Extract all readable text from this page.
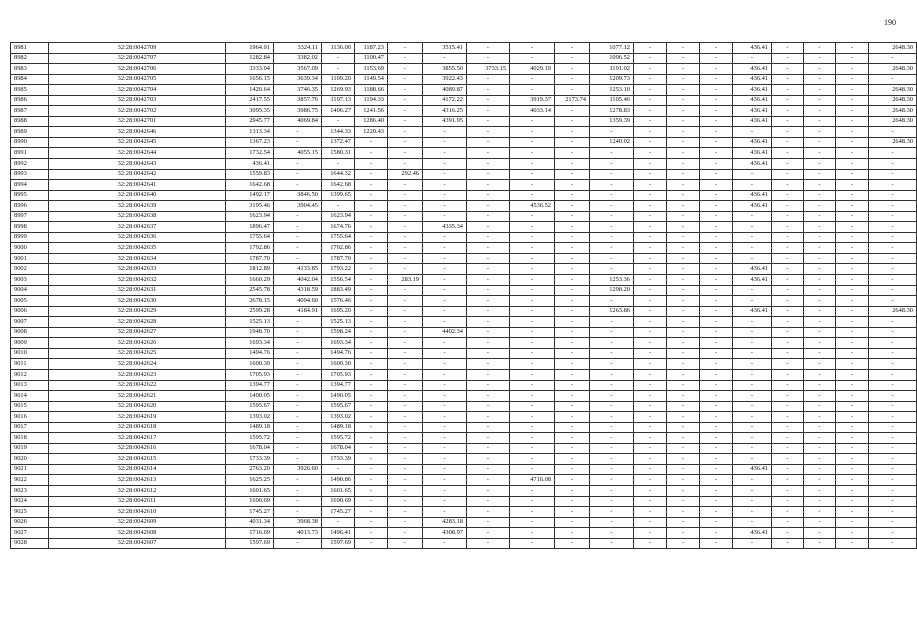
190
8981	32:28:0042709	1964.91	3324.11	1136.00	1187.23	-	3515.41	-	-	-	1077.12	-	-	-	436.41	-	-	-	2648.30
8982	32:28:0042707	1282.84	3382.02	-	1100.47	-	-	-	-	-	1096.52	-	-	-	-	-	-	-	-
8983	32:28:0042706	3333.04	3567.09	-	1153.69	-	3855.50	3733.15	4029.19	-	1191.02	-	-	-	436.41	-	-	-	2648.30
8984	32:28:0042705	1656.15	3639.34	1109.20	1149.54	-	3922.43	-	-	-	1209.73	-	-	-	436.41	-	-	-	-
8985	32:28:0042704	1420.64	3746.35	1269.93	1188.66	-	4089.87	-	-	-	1253.10	-	-	-	436.41	-	-	-	2648.30
8986	32:28:0042703	2417.55	3857.76	1197.13	1194.33	-	4172.22	-	3919.37	2173.74	1105.46	-	-	-	436.41	-	-	-	2648.30
8987	32:28:0042702	3095.35	3986.75	1406.27	1241.56	-	4316.25	-	4033.14	-	1278.83	-	-	-	436.41	-	-	-	2648.30
8988	32:28:0042701	2945.77	4069.84	-	1286.40	-	4391.95	-	-	-	1359.39	-	-	-	436.41	-	-	-	2648.30
8989	32:28:0042646	1313.34	-	1344.33	1220.43	-	-	-	-	-	-	-	-	-	-	-	-	-	-
8990	32:28:0042645	1367.23	-	1372.47	-	-	-	-	-	-	1240.02	-	-	-	436.41	-	-	-	2648.30
8991	32:28:0042644	1732.54	4055.15	1580.31	-	-	-	-	-	-	-	-	-	-	436.41	-	-	-	-
8992	32:28:0042643	436.41	-	-	-	-	-	-	-	-	-	-	-	-	436.41	-	-	-	-
8993	32:28:0042642	1559.83	-	1644.32	-	292.46	-	-	-	-	-	-	-	-	-	-	-	-	-
8994	32:28:0042641	1642.68	-	1642.68	-	-	-	-	-	-	-	-	-	-	-	-	-	-	-
8995	32:28:0042640	1492.17	3846.50	1399.65	-	-	-	-	-	-	-	-	-	-	436.41	-	-	-	-
8996	32:28:0042639	3195.46	3904.45	-	-	-	-	-	4536.52	-	-	-	-	-	436.41	-	-	-	-
8997	32:28:0042638	1623.94	-	1623.94	-	-	-	-	-	-	-	-	-	-	-	-	-	-	-
8998	32:28:0042637	1896.47	-	1674.76	-	-	4335.34	-	-	-	-	-	-	-	-	-	-	-	-
8999	32:28:0042636	1755.64	-	1755.64	-	-	-	-	-	-	-	-	-	-	-	-	-	-	-
9000	32:28:0042635	1792.86	-	1792.86	-	-	-	-	-	-	-	-	-	-	-	-	-	-	-
9001	32:28:0042634	1787.70	-	1787.70	-	-	-	-	-	-	-	-	-	-	-	-	-	-	-
9002	32:28:0042633	1812.89	4133.85	1793.22	-	-	-	-	-	-	-	-	-	-	436.41	-	-	-	-
9003	32:28:0042632	1660.29	4042.04	1556.54	-	283.19	-	-	-	-	1253.36	-	-	-	436.41	-	-	-	-
9004	32:28:0042631	2545.78	4318.59	1883.49	-	-	-	-	-	-	1298.20	-	-	-	-	-	-	-	-
9005	32:28:0042630	2678.15	4094.60	1576.46	-	-	-	-	-	-	-	-	-	-	-	-	-	-	-
9006	32:28:0042629	2599.28	4184.91	1695.20	-	-	-	-	-	-	1263.86	-	-	-	436.41	-	-	-	2648.30
9007	32:28:0042628	1525.13	-	1525.13	-	-	-	-	-	-	-	-	-	-	-	-	-	-	-
9008	32:28:0042627	1948.70	-	1598.24	-	-	4402.34	-	-	-	-	-	-	-	-	-	-	-	-
9009	32:28:0042626	1693.34	-	1693.34	-	-	-	-	-	-	-	-	-	-	-	-	-	-	-
9010	32:28:0042625	1494.76	-	1494.76	-	-	-	-	-	-	-	-	-	-	-	-	-	-	-
9011	32:28:0042624	1600.30	-	1600.30	-	-	-	-	-	-	-	-	-	-	-	-	-	-	-
9012	32:28:0042623	1705.93	-	1705.93	-	-	-	-	-	-	-	-	-	-	-	-	-	-	-
9013	32:28:0042622	1394.77	-	1394.77	-	-	-	-	-	-	-	-	-	-	-	-	-	-	-
9014	32:28:0042621	1490.05	-	1490.05	-	-	-	-	-	-	-	-	-	-	-	-	-	-	-
9015	32:28:0042620	1595.67	-	1595.67	-	-	-	-	-	-	-	-	-	-	-	-	-	-	-
9016	32:28:0042619	1393.02	-	1393.02	-	-	-	-	-	-	-	-	-	-	-	-	-	-	-
9017	32:28:0042618	1489.18	-	1489.18	-	-	-	-	-	-	-	-	-	-	-	-	-	-	-
9018	32:28:0042617	1595.72	-	1595.72	-	-	-	-	-	-	-	-	-	-	-	-	-	-	-
9019	32:28:0042616	1678.04	-	1678.04	-	-	-	-	-	-	-	-	-	-	-	-	-	-	-
9020	32:28:0042615	1733.39	-	1733.39	-	-	-	-	-	-	-	-	-	-	-	-	-	-	-
9021	32:28:0042614	2763.20	3926.60	-	-	-	-	-	-	-	-	-	-	-	436.41	-	-	-	-
9022	32:28:0042613	1625.25	-	1490.86	-	-	-	-	4716.08	-	-	-	-	-	-	-	-	-	-
9023	32:28:0042612	1601.65	-	1601.65	-	-	-	-	-	-	-	-	-	-	-	-	-	-	-
9024	32:28:0042611	1690.69	-	1690.69	-	-	-	-	-	-	-	-	-	-	-	-	-	-	-
9025	32:28:0042610	1745.27	-	1745.27	-	-	-	-	-	-	-	-	-	-	-	-	-	-	-
9026	32:28:0042609	4031.34	3968.38	-	-	-	4283.18	-	-	-	-	-	-	-	-	-	-	-	-
9027	32:28:0042608	1716.69	4013.73	1496.41	-	-	4308.97	-	-	-	-	-	-	-	436.41	-	-	-	-
9028	32:28:0042607	1597.69	-	1597.69	-	-	-	-	-	-	-	-	-	-	-	-	-	-	-
